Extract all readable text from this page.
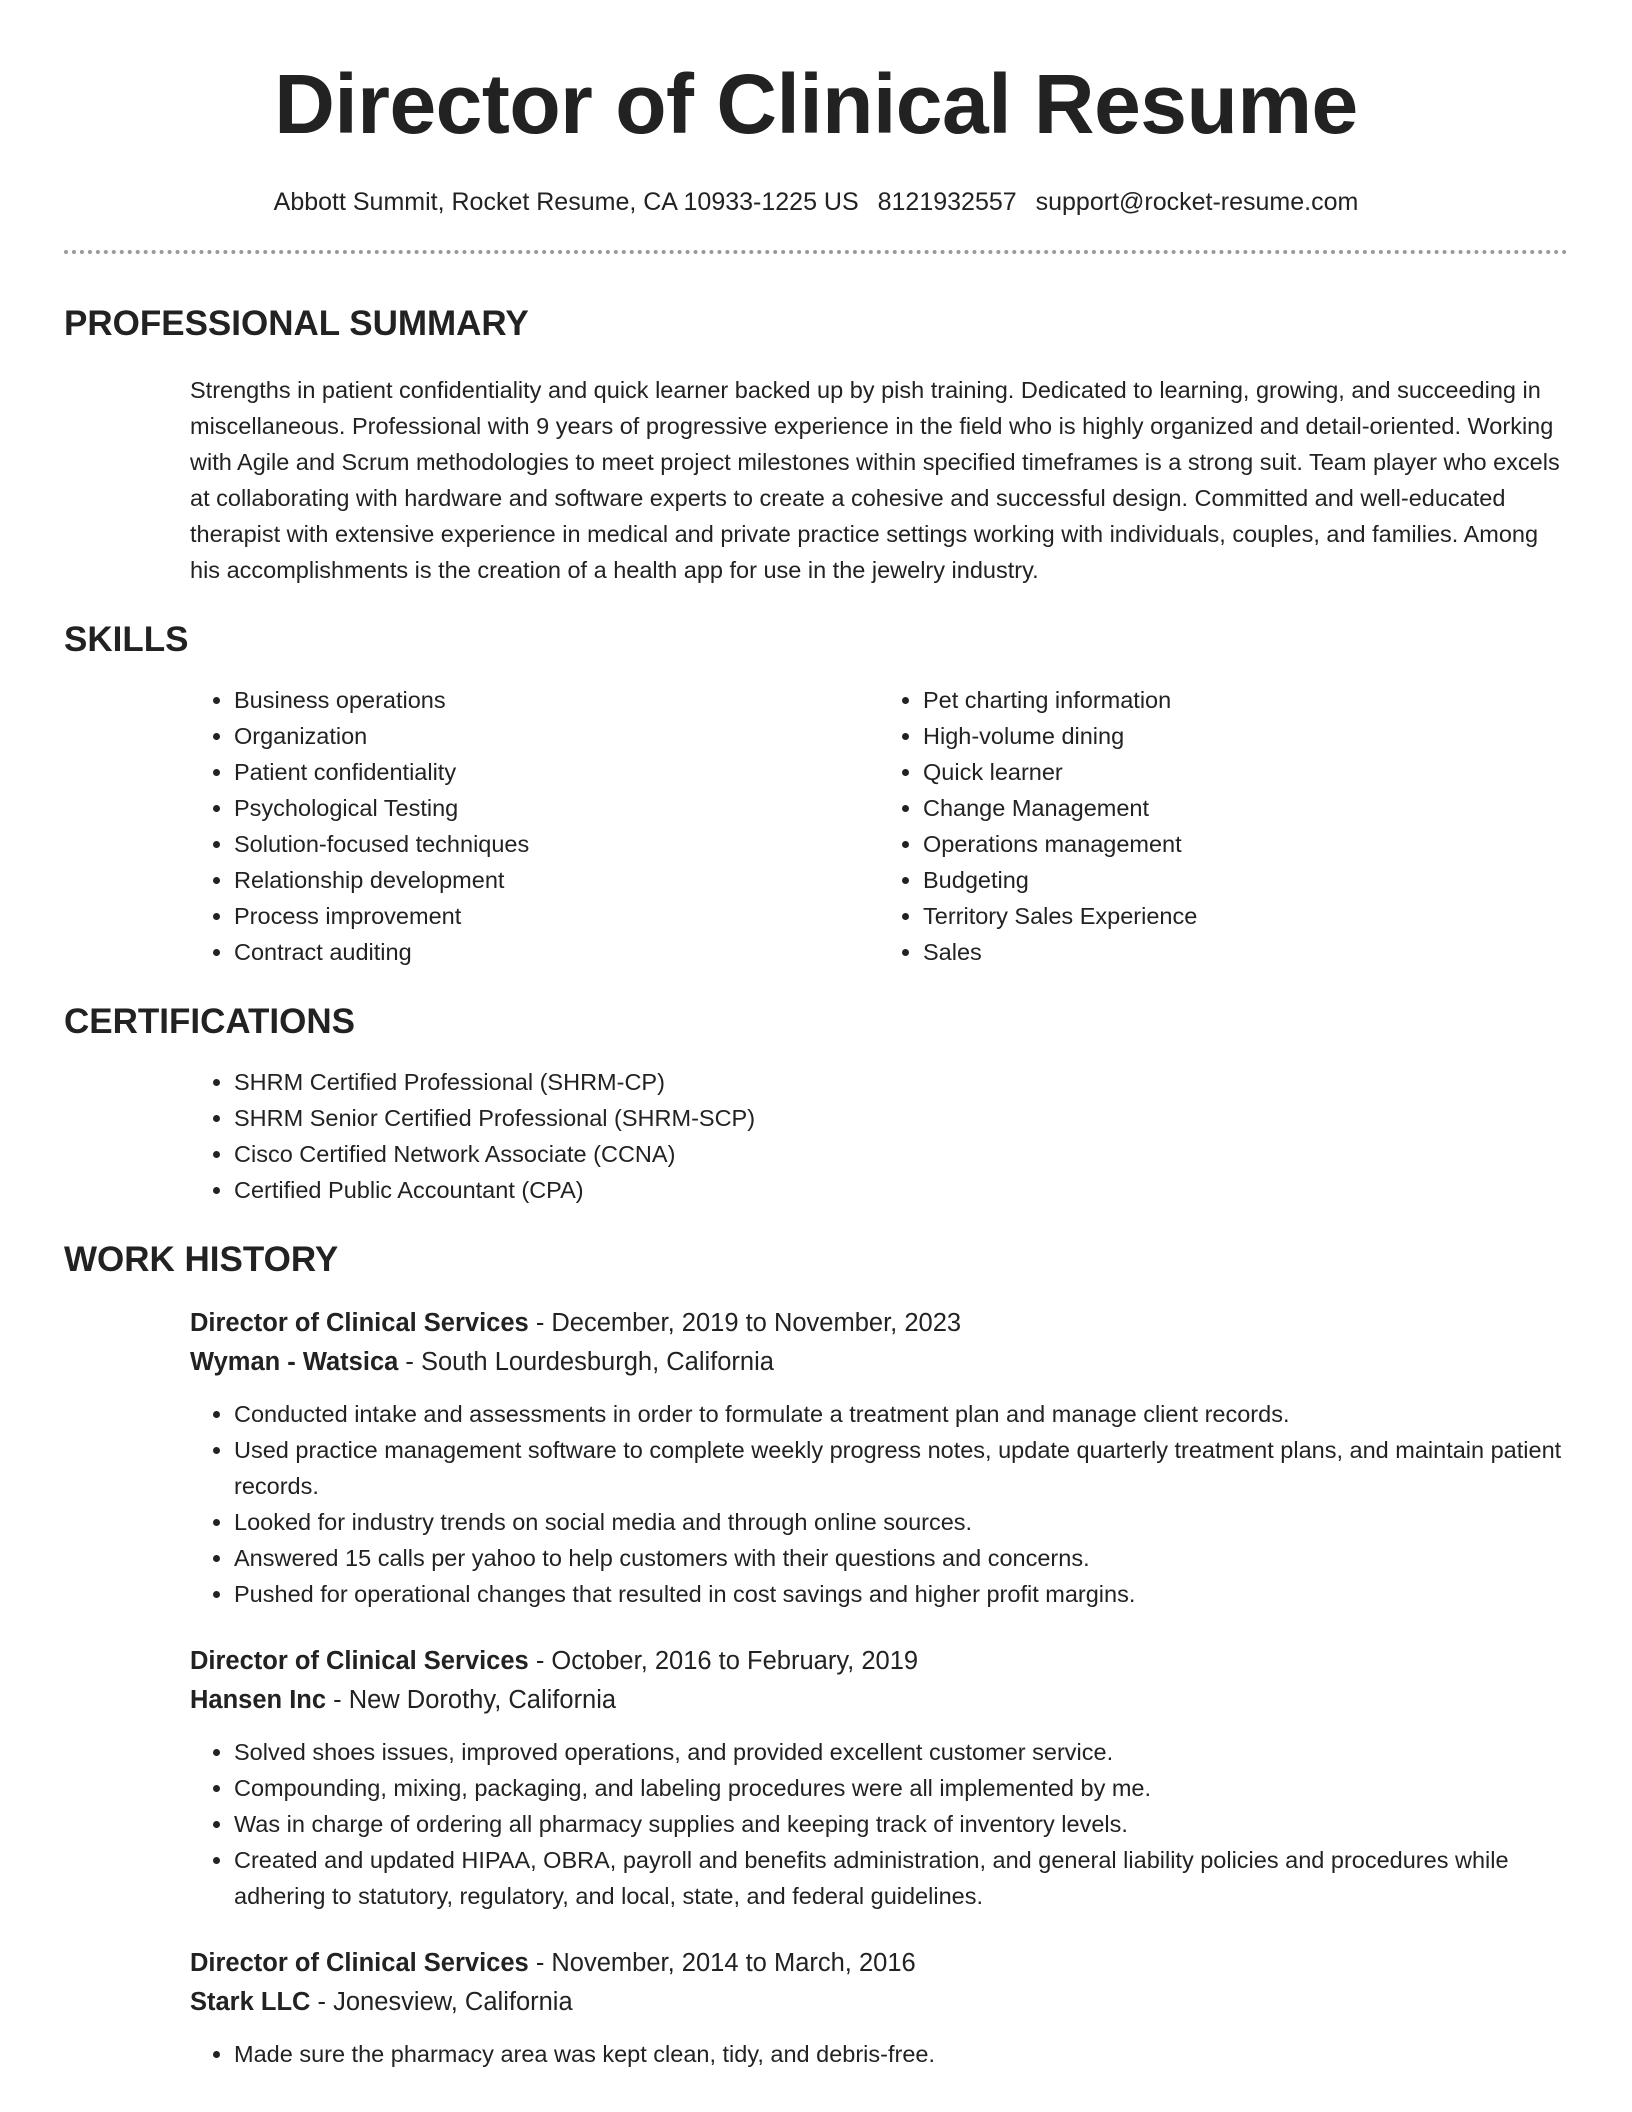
Director of Clinical Resume
Abbott Summit, Rocket Resume, CA 10933-1225 US 8121932557 support@rocket-resume.com
PROFESSIONAL SUMMARY

Strengths in patient confidentiality and quick learner backed up by pish training. Dedicated to learning, growing, and succeeding in miscellaneous. Professional with 9 years of progressive experience in the field who is highly organized and detail-oriented. Working with Agile and Scrum methodologies to meet project milestones within specified timeframes is a strong suit. Team player who excels at collaborating with hardware and software experts to create a cohesive and successful design. Committed and well-educated therapist with extensive experience in medical and private practice settings working with individuals, couples, and families. Among his accomplishments is the creation of a health app for use in the jewelry industry.

SKILLS
• Business operations
• Organization
• Patient confidentiality
• Psychological Testing
• Solution-focused techniques
• Relationship development
• Process improvement
• Contract auditing
• Pet charting information
• High-volume dining
• Quick learner
• Change Management
• Operations management
• Budgeting
• Territory Sales Experience
• Sales
CERTIFICATIONS
• SHRM Certified Professional (SHRM-CP)
• SHRM Senior Certified Professional (SHRM-SCP)
• Cisco Certified Network Associate (CCNA)
• Certified Public Accountant (CPA)
WORK HISTORY
Director of Clinical Services - December, 2019 to November, 2023
Wyman - Watsica - South Lourdesburgh, California
• Conducted intake and assessments in order to formulate a treatment plan and manage client records.
• Used practice management software to complete weekly progress notes, update quarterly treatment plans, and maintain patient records.
• Looked for industry trends on social media and through online sources.
• Answered 15 calls per yahoo to help customers with their questions and concerns.
• Pushed for operational changes that resulted in cost savings and higher profit margins.
Director of Clinical Services - October, 2016 to February, 2019
Hansen Inc - New Dorothy, California
• Solved shoes issues, improved operations, and provided excellent customer service.
• Compounding, mixing, packaging, and labeling procedures were all implemented by me.
• Was in charge of ordering all pharmacy supplies and keeping track of inventory levels.
• Created and updated HIPAA, OBRA, payroll and benefits administration, and general liability policies and procedures while adhering to statutory, regulatory, and local, state, and federal guidelines.
Director of Clinical Services - November, 2014 to March, 2016
Stark LLC - Jonesview, California
• Made sure the pharmacy area was kept clean, tidy, and debris-free.
